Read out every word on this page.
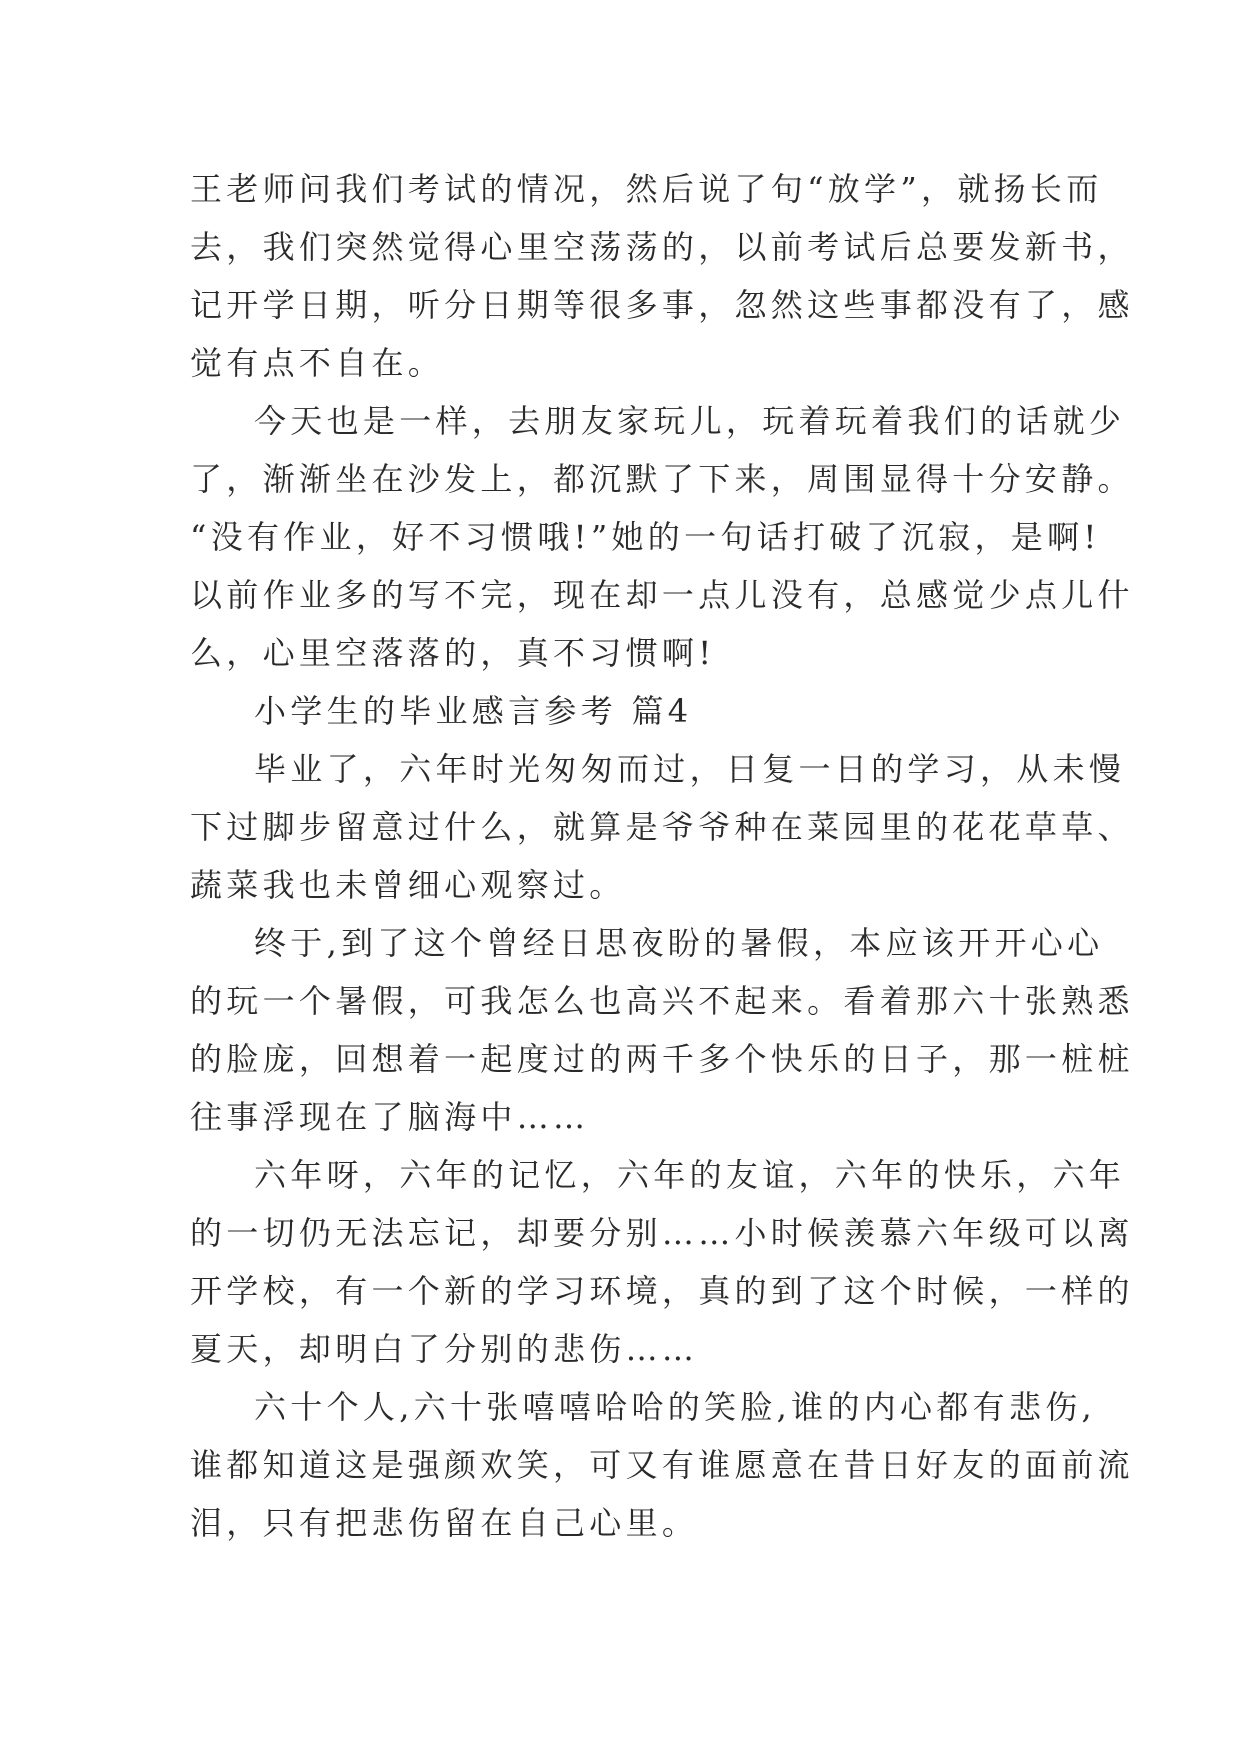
王老师问我们考试的情况，然后说了句“放学”，就扬长而
去，我们突然觉得心里空荡荡的，以前考试后总要发新书，
记开学日期，听分日期等很多事，忽然这些事都没有了，感
觉有点不自在。
今天也是一样，去朋友家玩儿，玩着玩着我们的话就少
了，渐渐坐在沙发上，都沉默了下来，周围显得十分安静。
“没有作业，好不习惯哦!”她的一句话打破了沉寂，是啊!
以前作业多的写不完，现在却一点儿没有，总感觉少点儿什
么，心里空落落的，真不习惯啊!
小学生的毕业感言参考 篇4
毕业了，六年时光匆匆而过，日复一日的学习，从未慢
下过脚步留意过什么，就算是爷爷种在菜园里的花花草草、
蔬菜我也未曾细心观察过。
终于,到了这个曾经日思夜盼的暑假，本应该开开心心
的玩一个暑假，可我怎么也高兴不起来。看着那六十张熟悉
的脸庞，回想着一起度过的两千多个快乐的日子，那一桩桩
往事浮现在了脑海中……
六年呀，六年的记忆，六年的友谊，六年的快乐，六年
的一切仍无法忘记，却要分别……小时候羡慕六年级可以离
开学校，有一个新的学习环境，真的到了这个时候，一样的
夏天，却明白了分别的悲伤……
六十个人,六十张嘻嘻哈哈的笑脸,谁的内心都有悲伤,
谁都知道这是强颜欢笑，可又有谁愿意在昔日好友的面前流
泪，只有把悲伤留在自己心里。
